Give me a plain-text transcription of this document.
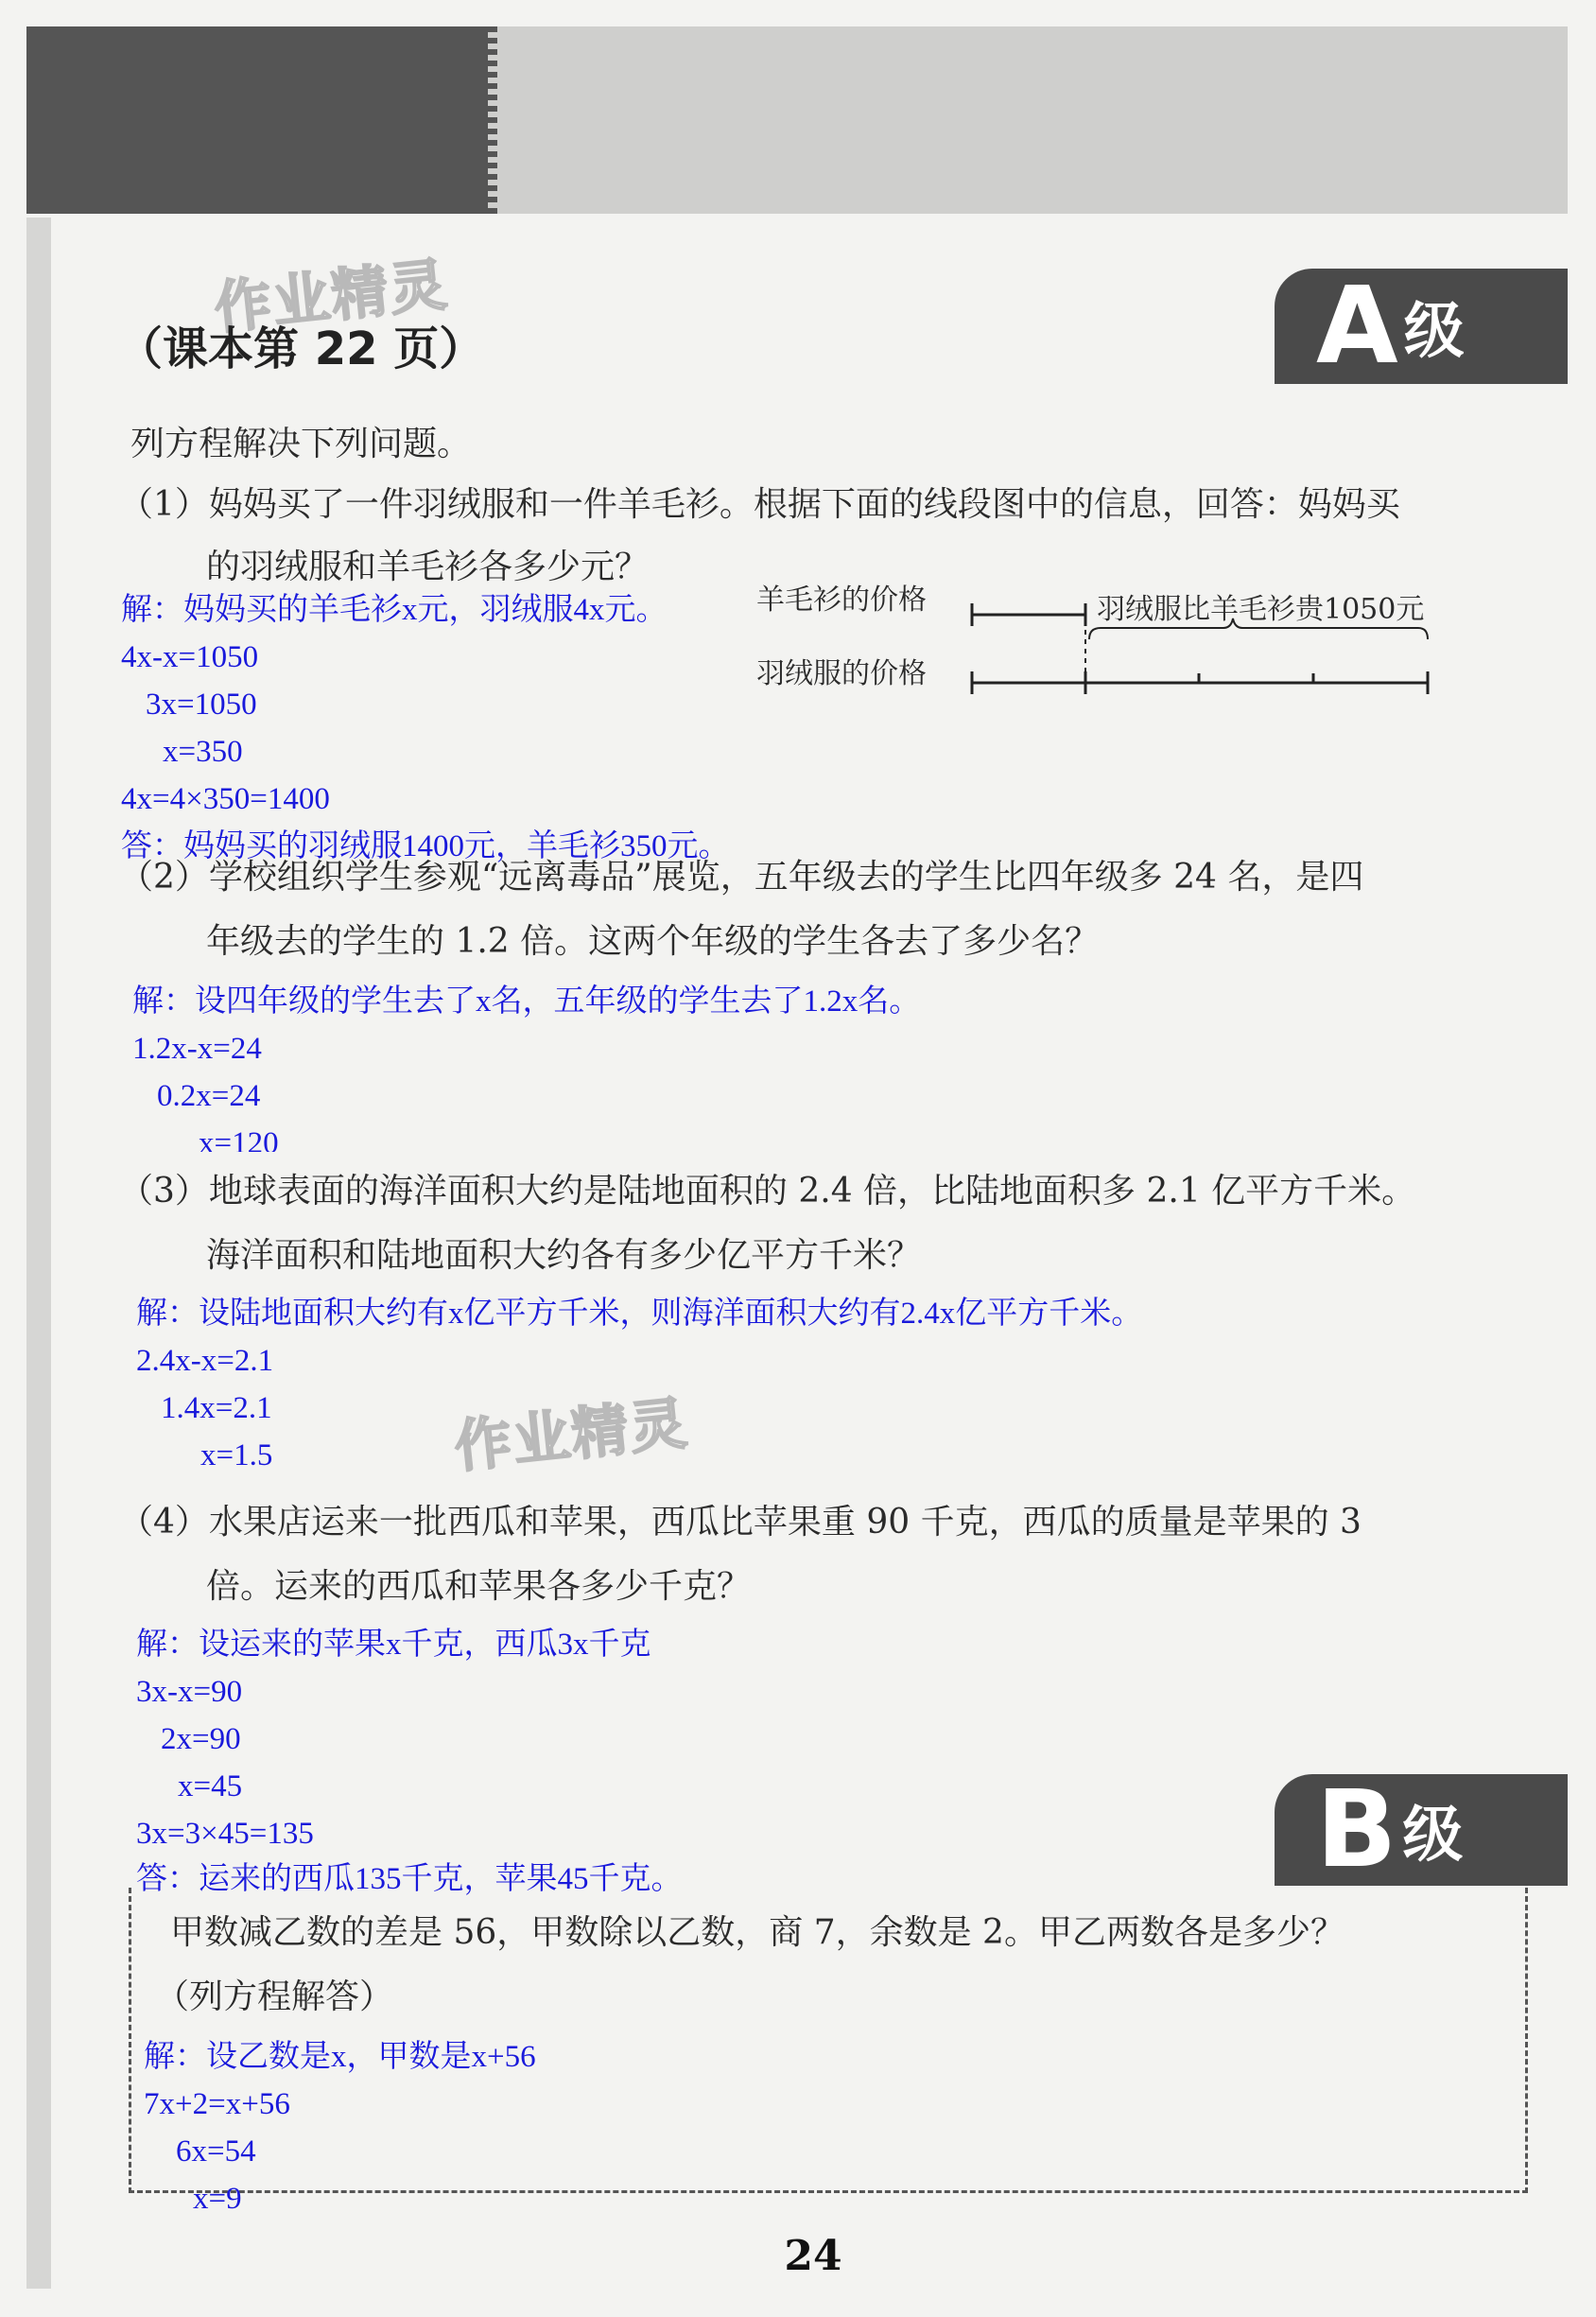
作业精灵
作业精灵
（课本第 22 页）	A 级
列方程解决下列问题。
（1）妈妈买了一件羽绒服和一件羊毛衫。根据下面的线段图中的信息，回答：妈妈买
的羽绒服和羊毛衫各多少元？
解：妈妈买的羊毛衫x元，羽绒服4x元。
4x-x=1050
3x=1050
x=350
4x=4×350=1400
答：妈妈买的羽绒服1400元，羊毛衫350元。
羊毛衫的价格	羽绒服比羊毛衫贵1050元
羽绒服的价格
（2）学校组织学生参观“远离毒品”展览，五年级去的学生比四年级多 24 名，是四
年级去的学生的 1.2 倍。这两个年级的学生各去了多少名？
解：设四年级的学生去了x名，五年级的学生去了1.2x名。
1.2x-x=24
0.2x=24
x=120
（3）地球表面的海洋面积大约是陆地面积的 2.4 倍，比陆地面积多 2.1 亿平方千米。
海洋面积和陆地面积大约各有多少亿平方千米？
解：设陆地面积大约有x亿平方千米，则海洋面积大约有2.4x亿平方千米。
2.4x-x=2.1
1.4x=2.1
x=1.5
（4）水果店运来一批西瓜和苹果，西瓜比苹果重 90 千克，西瓜的质量是苹果的 3
倍。运来的西瓜和苹果各多少千克？
解：设运来的苹果x千克，西瓜3x千克
3x-x=90
2x=90
x=45
3x=3×45=135
答：运来的西瓜135千克，苹果45千克。	B 级
甲数减乙数的差是 56，甲数除以乙数，商 7，余数是 2。甲乙两数各是多少？
（列方程解答）
解：设乙数是x，甲数是x+56
7x+2=x+56
6x=54
x=9
24
